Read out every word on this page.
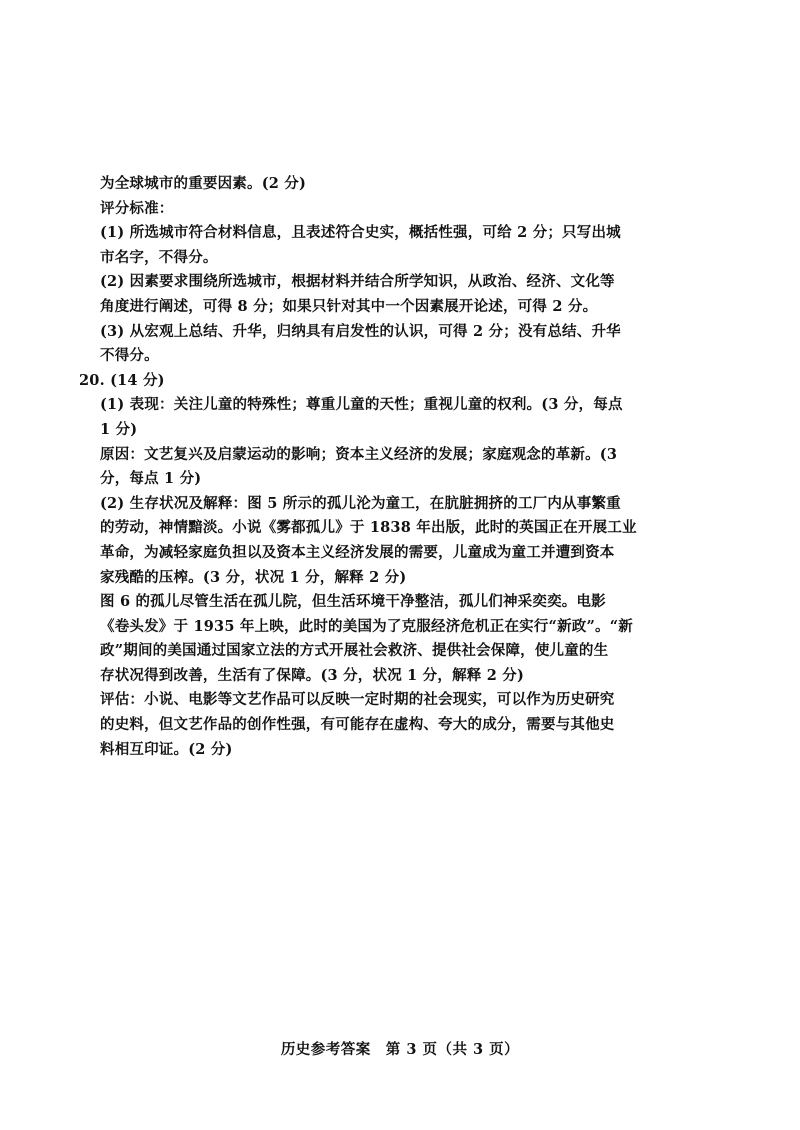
为全球城市的重要因素。(2 分)
评分标准：
(1) 所选城市符合材料信息，且表述符合史实，概括性强，可给 2 分；只写出城
市名字，不得分。
(2) 因素要求围绕所选城市，根据材料并结合所学知识，从政治、经济、文化等
角度进行阐述，可得 8 分；如果只针对其中一个因素展开论述，可得 2 分。
(3) 从宏观上总结、升华，归纳具有启发性的认识，可得 2 分；没有总结、升华
不得分。
20. (14 分)
(1) 表现：关注儿童的特殊性；尊重儿童的天性；重视儿童的权利。(3 分，每点
1 分)
原因：文艺复兴及启蒙运动的影响；资本主义经济的发展；家庭观念的革新。(3
分，每点 1 分)
(2) 生存状况及解释：图 5 所示的孤儿沦为童工，在肮脏拥挤的工厂内从事繁重
的劳动，神情黯淡。小说《雾都孤儿》于 1838 年出版，此时的英国正在开展工业
革命，为减轻家庭负担以及资本主义经济发展的需要，儿童成为童工并遭到资本
家残酷的压榨。(3 分，状况 1 分，解释 2 分)
图 6 的孤儿尽管生活在孤儿院，但生活环境干净整洁，孤儿们神采奕奕。电影
《卷头发》于 1935 年上映，此时的美国为了克服经济危机正在实行“新政”。“新
政”期间的美国通过国家立法的方式开展社会救济、提供社会保障，使儿童的生
存状况得到改善，生活有了保障。(3 分，状况 1 分，解释 2 分)
评估：小说、电影等文艺作品可以反映一定时期的社会现实，可以作为历史研究
的史料，但文艺作品的创作性强，有可能存在虚构、夸大的成分，需要与其他史
料相互印证。(2 分)
历史参考答案　第 3 页（共 3 页）
